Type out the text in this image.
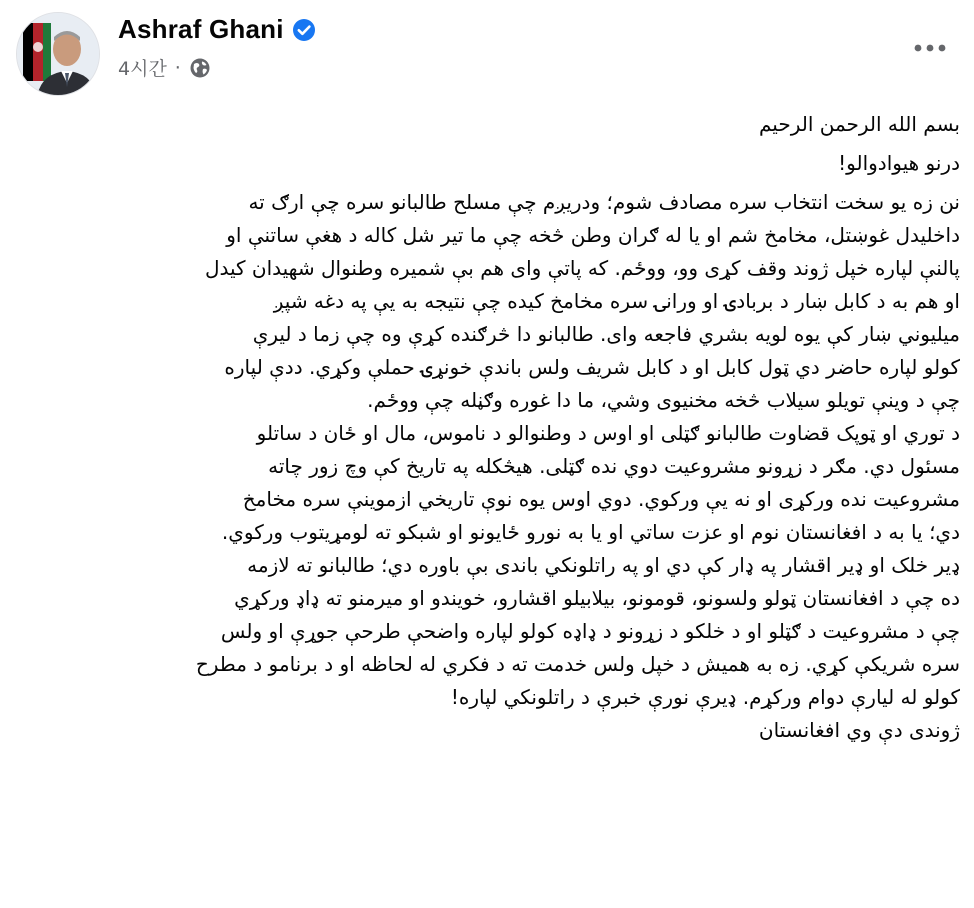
Ashraf Ghani
4시간 ·
بسم الله الرحمن الرحيم
درنو هیوادوالو!
نن زه یو سخت انتخاب سره مصادف شوم؛ ودریږم چې مسلح طالبانو سره چې ارګ ته
داخلیدل غوښتل، مخامخ شم او یا له ګران وطن څخه چې ما تیر شل کاله د هغې ساتنې او
پالنې لپاره خپل ژوند وقف کړی وو، ووځم. که پاتې وای هم بې شمیره وطنوال شهیدان کیدل
او هم به د کابل ښار د بربادۍ او ورانۍ سره مخامخ کیده چې نتیجه به یې په دغه شپږ
میلیوني ښار کې یوه لویه بشري فاجعه وای. طالبانو دا څرګنده کړې وه چې زما د لیرې
کولو لپاره حاضر دي ټول کابل او د کابل شریف ولس باندې خونړۍ حملې وکړي. ددې لپاره
چې د وینې تویلو سیلاب څخه مخنیوی وشي، ما دا غوره وګڼله چې ووځم.
د توري او ټوپک قضاوت طالبانو ګټلی او اوس د وطنوالو د ناموس، مال او ځان د ساتلو
مسئول دي. مګر د زړونو مشروعیت دوي نده ګټلی. هیڅکله په تاریخ کې وچ زور چاته
مشروعیت نده ورکړی او نه یې ورکوي. دوي اوس یوه نوې تاریخي ازموینې سره مخامخ
دي؛ یا به د افغانستان نوم او عزت ساتي او یا به نورو ځایونو او شبکو ته لومړیتوب ورکوي.
ډیر خلک او ډیر اقشار په ډار کې دي او په راتلونکي باندی بې باوره دي؛ طالبانو ته لازمه
ده چې د افغانستان ټولو ولسونو، قومونو، بیلابیلو اقشارو، خویندو او میرمنو ته ډاډ ورکړي
چې د مشروعیت د ګټلو او د خلکو د زړونو د ډاډه کولو لپاره واضحې طرحې جوړې او ولس
سره شریکې کړي. زه به همیش د خپل ولس خدمت ته د فکري له لحاظه او د برنامو د مطرح
کولو له لیارې دوام ورکړم. ډیرې نورې خبرې د راتلونکي لپاره!
ژوندی دې وي افغانستان
